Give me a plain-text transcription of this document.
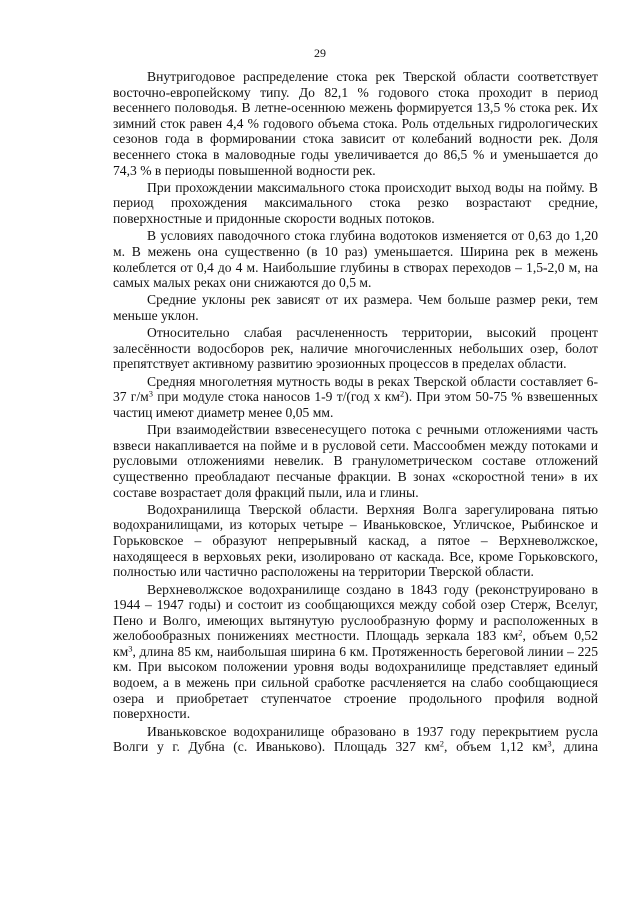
29

Внутригодовое распределение стока рек Тверской области соответствует восточно-европейскому типу. До 82,1 % годового стока проходит в период весеннего половодья. В летне-осеннюю межень формируется 13,5 % стока рек. Их зимний сток равен 4,4 % годового объема стока. Роль отдельных гидрологических сезонов года в формировании стока зависит от колебаний водности рек. Доля весеннего стока в маловодные годы увеличивается до 86,5 % и уменьшается до 74,3 % в периоды повышенной водности рек.

При прохождении максимального стока происходит выход воды на пойму. В период прохождения максимального стока резко возрастают средние, поверхностные и придонные скорости водных потоков.

В условиях паводочного стока глубина водотоков изменяется от 0,63 до 1,20 м. В межень она существенно (в 10 раз) уменьшается. Ширина рек в межень колеблется от 0,4 до 4 м. Наибольшие глубины в створах переходов – 1,5-2,0 м, на самых малых реках они снижаются до 0,5 м.

Средние уклоны рек зависят от их размера. Чем больше размер реки, тем меньше уклон.

Относительно слабая расчлененность территории, высокий процент залесённости водосборов рек, наличие многочисленных небольших озер, болот препятствует активному развитию эрозионных процессов в пределах области.

Средняя многолетняя мутность воды в реках Тверской области составляет 6-37 $г/м^3$ при модуле стока наносов 1-9 т/(год х $км^2$). При этом 50-75 % взвешенных частиц имеют диаметр менее 0,05 мм.

При взаимодействии взвесенесущего потока с речными отложениями часть взвеси накапливается на пойме и в русловой сети. Массообмен между потоками и русловыми отложениями невелик. В гранулометрическом составе отложений существенно преобладают песчаные фракции. В зонах «скоростной тени» в их составе возрастает доля фракций пыли, ила и глины.

Водохранилища Тверской области. Верхняя Волга зарегулирована пятью водохранилищами, из которых четыре – Иваньковское, Угличское, Рыбинское и Горьковское – образуют непрерывный каскад, а пятое – Верхневолжское, находящееся в верховьях реки, изолировано от каскада. Все, кроме Горьковского, полностью или частично расположены на территории Тверской области.

Верхневолжское водохранилище создано в 1843 году (реконструировано в 1944 – 1947 годы) и состоит из сообщающихся между собой озер Стерж, Вселуг, Пено и Волго, имеющих вытянутую руслообразную форму и расположенных в желобообразных понижениях местности. Площадь зеркала 183 $км^2$, объем 0,52 $км^3$, длина 85 км, наибольшая ширина 6 км. Протяженность береговой линии – 225 км. При высоком положении уровня воды водохранилище представляет единый водоем, а в межень при сильной сработке расчленяется на слабо сообщающиеся озера и приобретает ступенчатое строение продольного профиля водной поверхности.

Иваньковское водохранилище образовано в 1937 году перекрытием русла Волги у г. Дубна (с. Иваньково). Площадь 327 $км^2$, объем 1,12 $км^3$, длина
